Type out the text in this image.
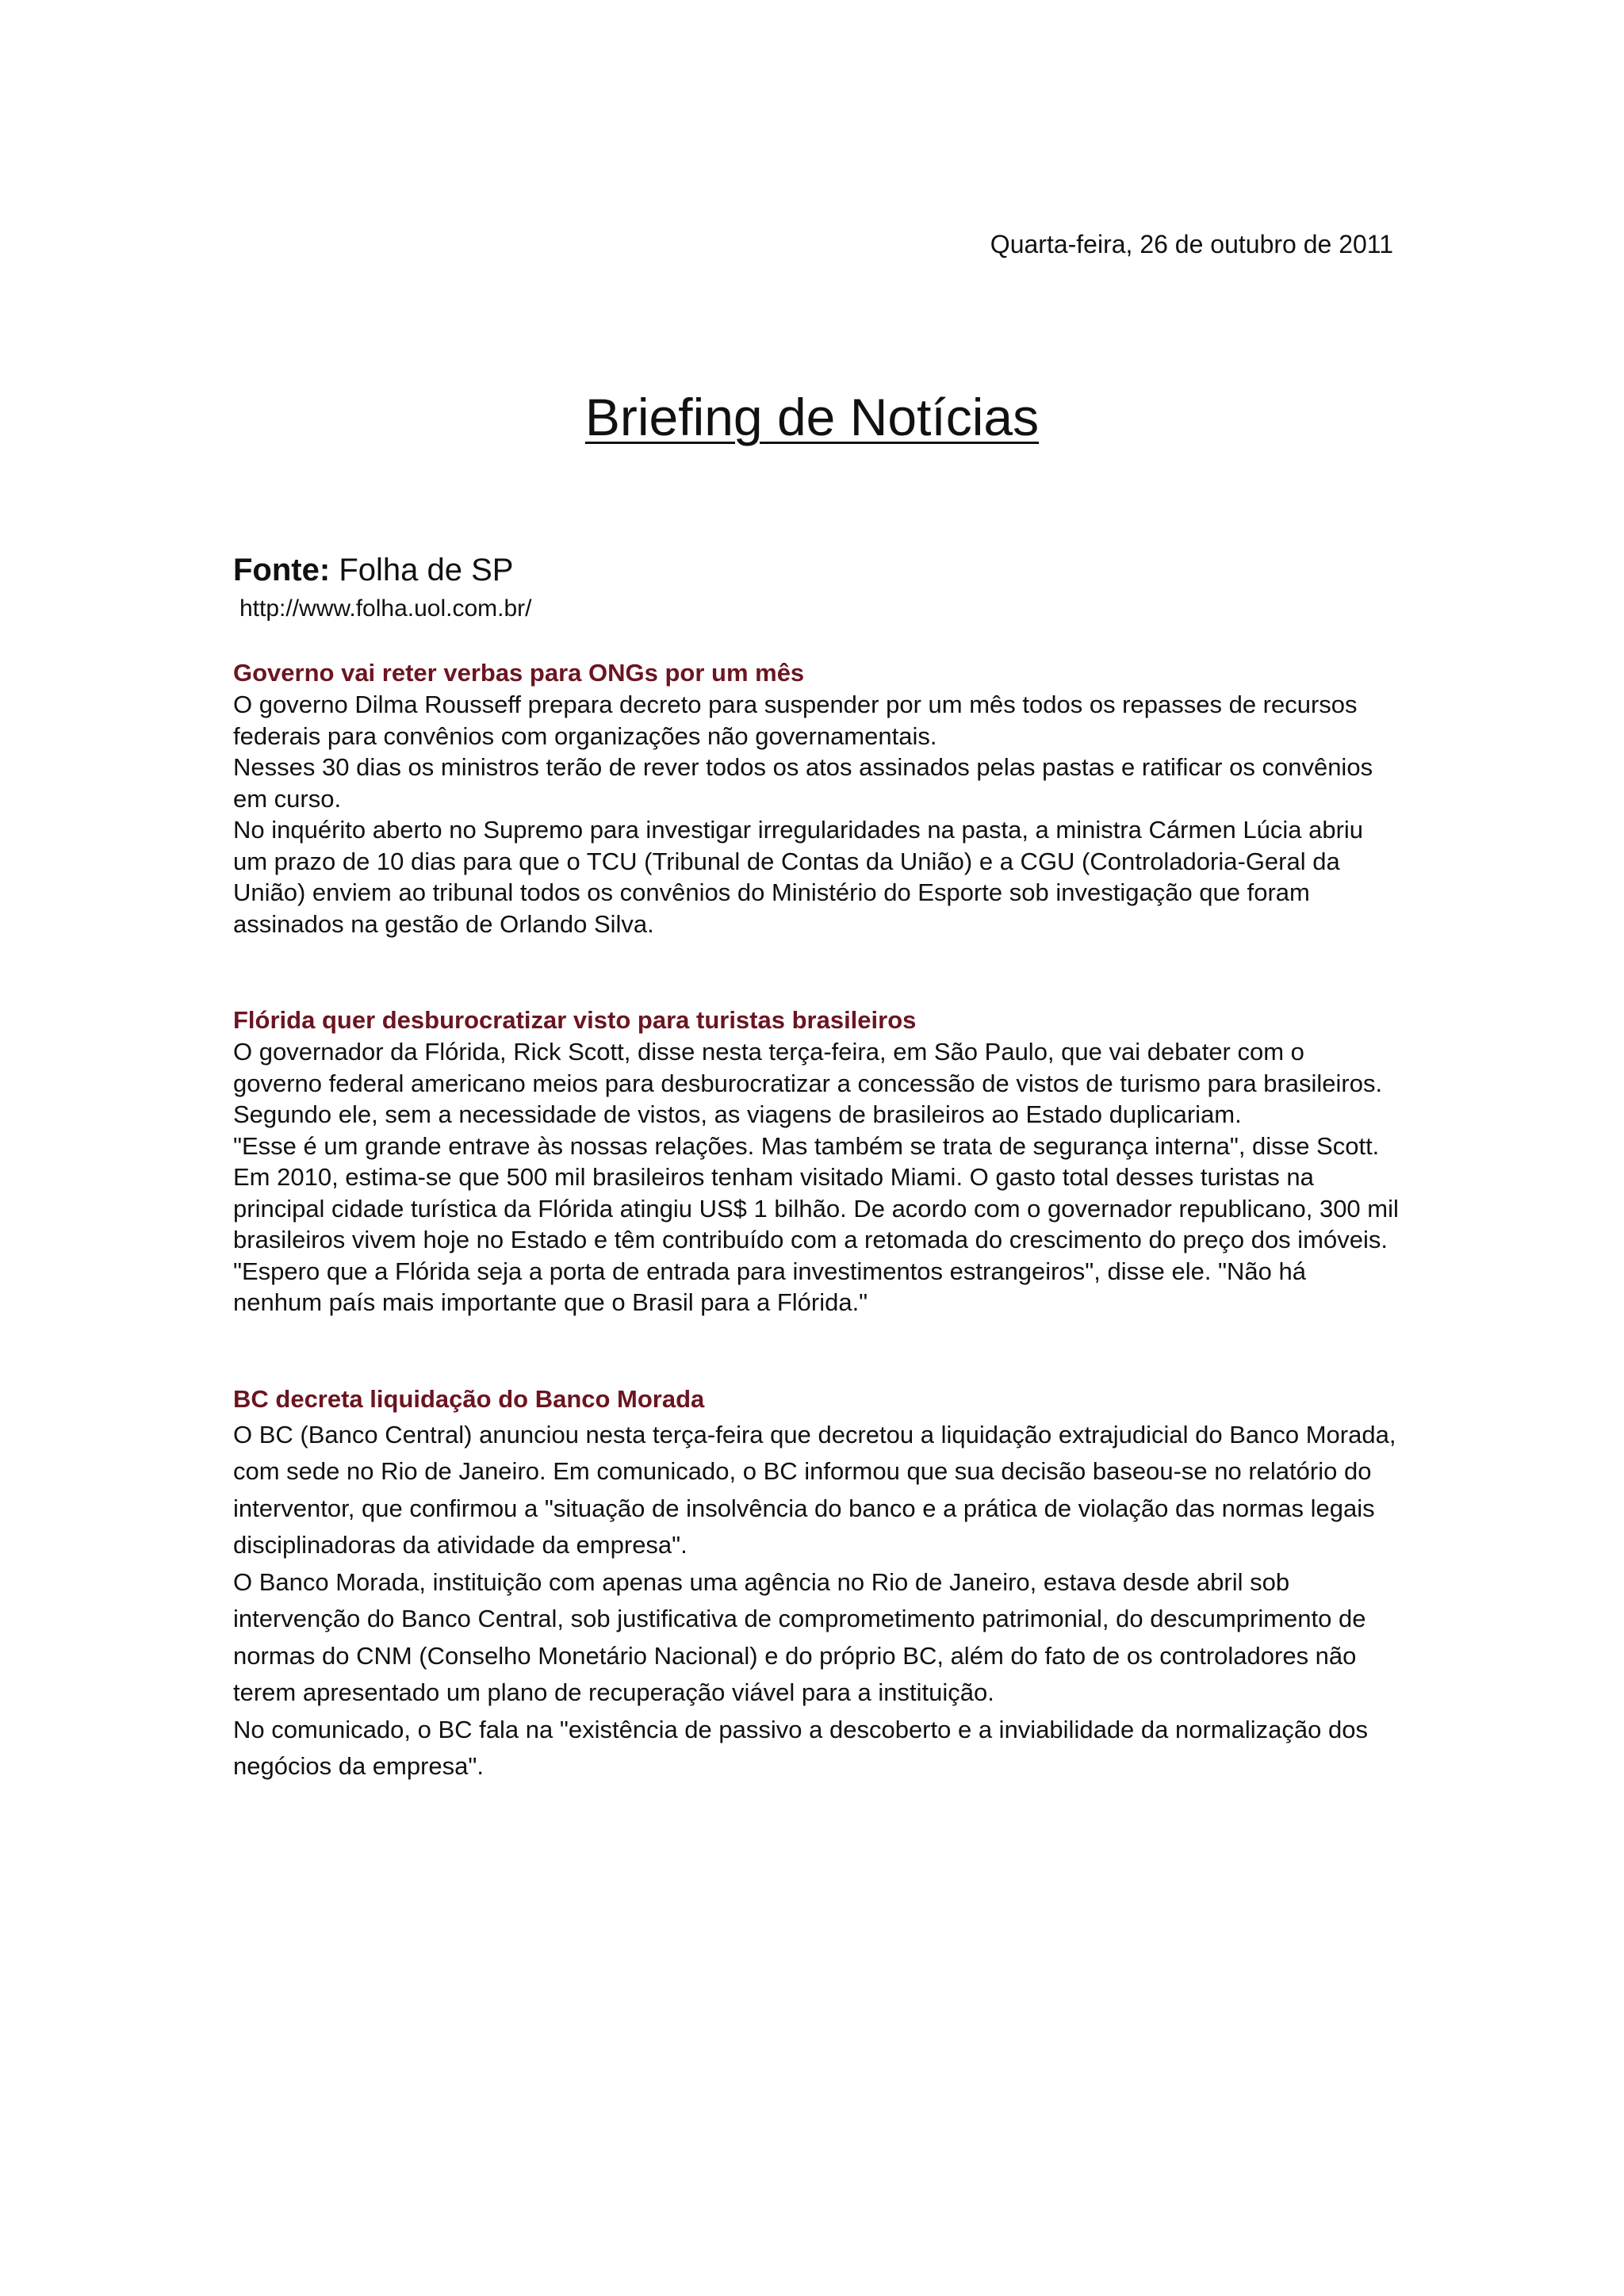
Quarta-feira, 26 de outubro de 2011
Briefing de Notícias
Fonte: Folha de SP
http://www.folha.uol.com.br/
Governo vai reter verbas para ONGs por um mês

O governo Dilma Rousseff prepara decreto para suspender por um mês todos os repasses de recursos federais para convênios com organizações não governamentais.

Nesses 30 dias os ministros terão de rever todos os atos assinados pelas pastas e ratificar os convênios em curso.

No inquérito aberto no Supremo para investigar irregularidades na pasta, a ministra Cármen Lúcia abriu um prazo de 10 dias para que o TCU (Tribunal de Contas da União) e a CGU (Controladoria-Geral da União) enviem ao tribunal todos os convênios do Ministério do Esporte sob investigação que foram assinados na gestão de Orlando Silva.

Flórida quer desburocratizar visto para turistas brasileiros

O governador da Flórida, Rick Scott, disse nesta terça-feira, em São Paulo, que vai debater com o governo federal americano meios para desburocratizar a concessão de vistos de turismo para brasileiros. Segundo ele, sem a necessidade de vistos, as viagens de brasileiros ao Estado duplicariam.

"Esse é um grande entrave às nossas relações. Mas também se trata de segurança interna", disse Scott.

Em 2010, estima-se que 500 mil brasileiros tenham visitado Miami. O gasto total desses turistas na principal cidade turística da Flórida atingiu US$ 1 bilhão. De acordo com o governador republicano, 300 mil brasileiros vivem hoje no Estado e têm contribuído com a retomada do crescimento do preço dos imóveis.

"Espero que a Flórida seja a porta de entrada para investimentos estrangeiros", disse ele. "Não há nenhum país mais importante que o Brasil para a Flórida."

BC decreta liquidação do Banco Morada

O BC (Banco Central) anunciou nesta terça-feira que decretou a liquidação extrajudicial do Banco Morada, com sede no Rio de Janeiro. Em comunicado, o BC informou que sua decisão baseou-se no relatório do interventor, que confirmou a "situação de insolvência do banco e a prática de violação das normas legais disciplinadoras da atividade da empresa".

O Banco Morada, instituição com apenas uma agência no Rio de Janeiro, estava desde abril sob intervenção do Banco Central, sob justificativa de comprometimento patrimonial, do descumprimento de normas do CNM (Conselho Monetário Nacional) e do próprio BC, além do fato de os controladores não terem apresentado um plano de recuperação viável para a instituição.

No comunicado, o BC fala na "existência de passivo a descoberto e a inviabilidade da normalização dos negócios da empresa".
